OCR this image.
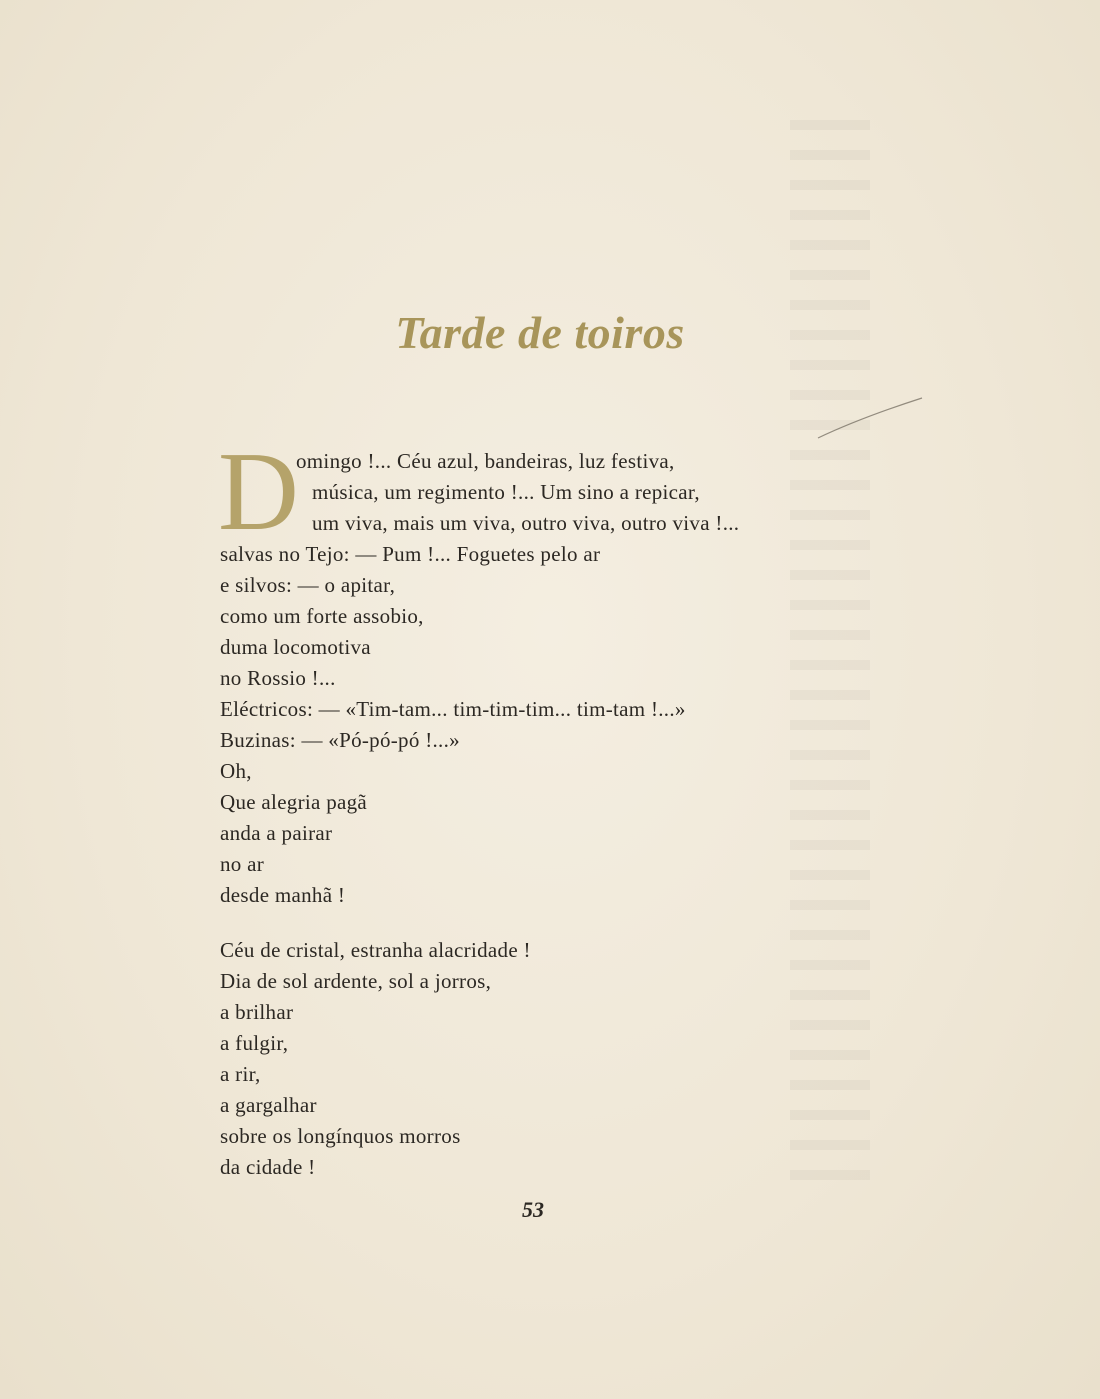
Tarde de toiros
D
omingo !... Céu azul, bandeiras, luz festiva,
música, um regimento !... Um sino a repicar,
um viva, mais um viva, outro viva, outro viva !...
salvas no Tejo: — Pum !... Foguetes pelo ar
e silvos: — o apitar,
como um forte assobio,
duma locomotiva
no Rossio !...
Eléctricos: — «Tim-tam... tim-tim-tim... tim-tam !...»
Buzinas: — «Pó-pó-pó !...»
Oh,
Que alegria pagã
anda a pairar
no ar
desde manhã !
Céu de cristal, estranha alacridade !
Dia de sol ardente, sol a jorros,
a brilhar
a fulgir,
a rir,
a gargalhar
sobre os longínquos morros
da cidade !
53
